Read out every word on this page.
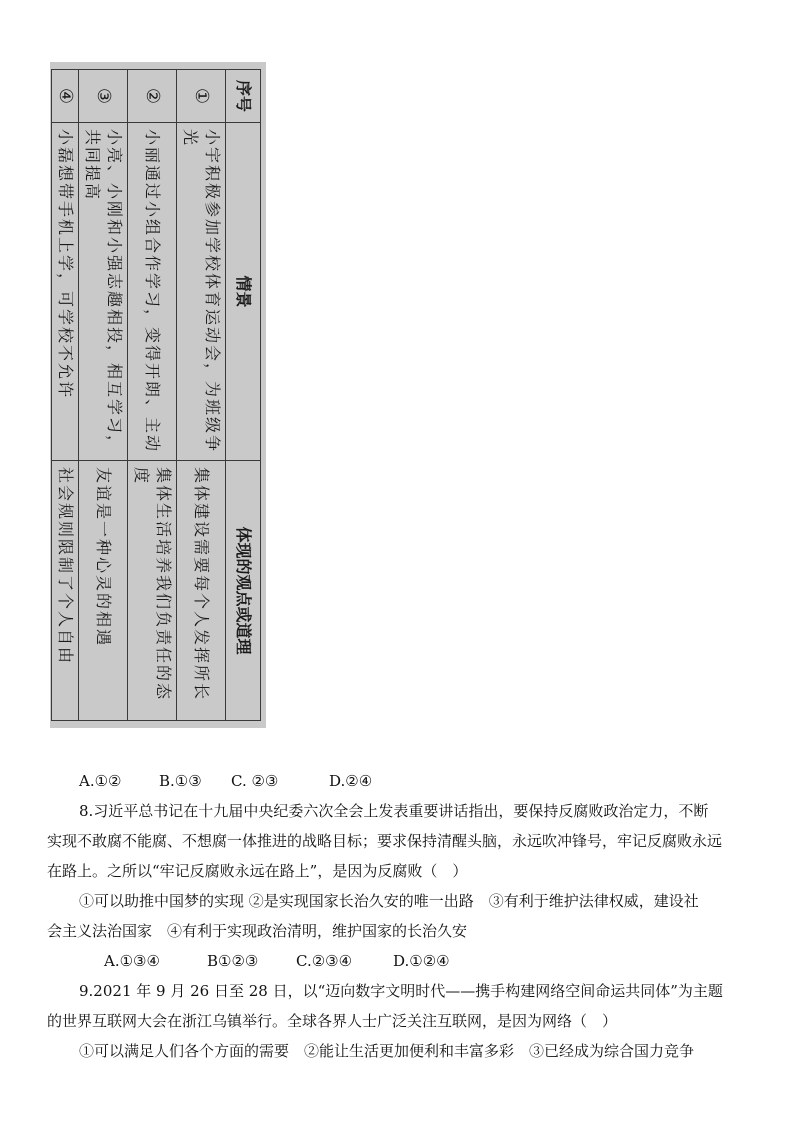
序号	情景	体现的观点或道理
①	小宇积极参加学校体育运动会，为班级争光	集体建设需要每个人发挥所长
②	小丽通过小组合作学习，变得开朗、主动	集体生活培养我们负责任的态度
③	小亮、小刚和小强志趣相投，相互学习，共同提高	友谊是一种心灵的相遇
④	小磊想带手机上学，可学校不允许	社会规则限制了个人自由
A.①②	B.①③ C. ②③	D.②④
8.习近平总书记在十九届中央纪委六次全会上发表重要讲话指出，要保持反腐败政治定力，不断
实现不敢腐不能腐、不想腐一体推进的战略目标；要求保持清醒头脑，永远吹冲锋号，牢记反腐败永远
在路上。之所以“牢记反腐败永远在路上”，是因为反腐败（　）
①可以助推中国梦的实现 ②是实现国家长治久安的唯一出路　③有利于维护法律权威，建设社
会主义法治国家　④有利于实现政治清明，维护国家的长治久安
A.①③④	B①②③	C.②③④	D.①②④
9.2021 年 9 月 26 日至 28 日，以“迈向数字文明时代——携手构建网络空间命运共同体”为主题
的世界互联网大会在浙江乌镇举行。全球各界人士广泛关注互联网，是因为网络（　）
①可以满足人们各个方面的需要　②能让生活更加便利和丰富多彩　③已经成为综合国力竞争
